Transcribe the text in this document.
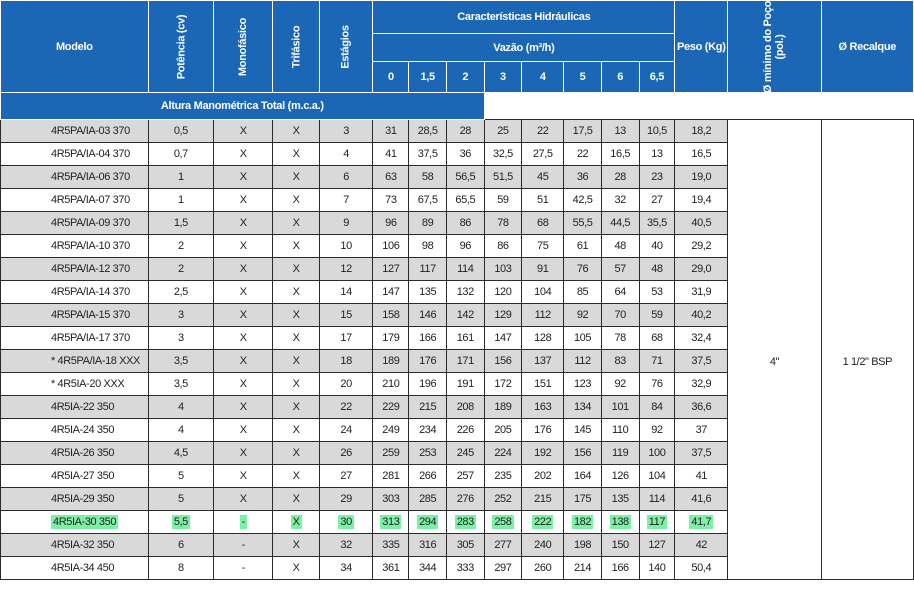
Modelo	Potência (cv)	Monofásico	Trifásico	Estágios	Características Hidráulicas								Peso (Kg)	Ø mínimo do Poço
(pol.)	Ø Recalque
					Vazão (m³/h)										
					0	1,5	2	3	4	5	6	6,5			
Altura Manométrica Total (m.c.a.)															
4R5PA/IA-03 370	0,5	X	X	3	31	28,5	28	25	22	17,5	13	10,5	18,2	4"	1 1/2" BSP
4R5PA/IA-04 370	0,7	X	X	4	41	37,5	36	32,5	27,5	22	16,5	13	16,5		
4R5PA/IA-06 370	1	X	X	6	63	58	56,5	51,5	45	36	28	23	19,0		
4R5PA/IA-07 370	1	X	X	7	73	67,5	65,5	59	51	42,5	32	27	19,4		
4R5PA/IA-09 370	1,5	X	X	9	96	89	86	78	68	55,5	44,5	35,5	40,5		
4R5PA/IA-10 370	2	X	X	10	106	98	96	86	75	61	48	40	29,2		
4R5PA/IA-12 370	2	X	X	12	127	117	114	103	91	76	57	48	29,0		
4R5PA/IA-14 370	2,5	X	X	14	147	135	132	120	104	85	64	53	31,9		
4R5PA/IA-15 370	3	X	X	15	158	146	142	129	112	92	70	59	40,2		
4R5PA/IA-17 370	3	X	X	17	179	166	161	147	128	105	78	68	32,4		
* 4R5PA/IA-18 XXX	3,5	X	X	18	189	176	171	156	137	112	83	71	37,5		
* 4R5IA-20 XXX	3,5	X	X	20	210	196	191	172	151	123	92	76	32,9		
4R5IA-22 350	4	X	X	22	229	215	208	189	163	134	101	84	36,6		
4R5IA-24 350	4	X	X	24	249	234	226	205	176	145	110	92	37		
4R5IA-26 350	4,5	X	X	26	259	253	245	224	192	156	119	100	37,5		
4R5IA-27 350	5	X	X	27	281	266	257	235	202	164	126	104	41		
4R5IA-29 350	5	X	X	29	303	285	276	252	215	175	135	114	41,6		
4R5IA-30 350	5,5	-	X	30	313	294	283	258	222	182	138	117	41,7		
4R5IA-32 350	6	-	X	32	335	316	305	277	240	198	150	127	42		
4R5IA-34 450	8	-	X	34	361	344	333	297	260	214	166	140	50,4		
